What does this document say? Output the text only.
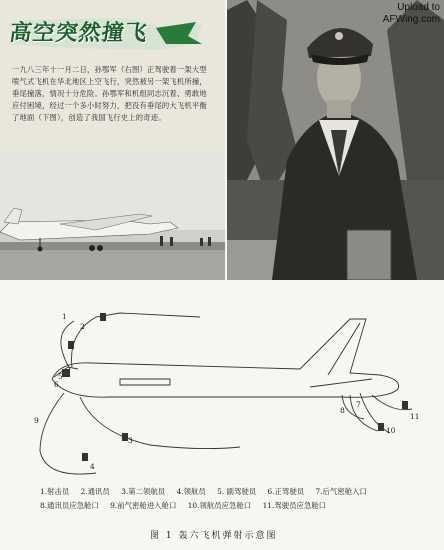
高空突然撞飞
一九八三年十一月二日，孙鄂军（右图）正驾驶着一架大型喷气式飞机在华北地区上空飞行，突然被另一架飞机所撞，垂尾撞落，情况十分危险。孙鄂军和机组同志沉着、勇敢地应付困境，经过一个多小时努力，把没有垂尾的大飞机平衡了地面（下图），创造了我国飞行史上的奇迹。
Upload to
AFWing.com
1
2
3
4
5
6
7
8
9
10
11
1.射击员 2.通讯员 3.第二领航员 4.领航员 5. 副驾驶员 6.正驾驶员 7.后气密舱入口
8.通讯员应急舱口 9.前气密舱进入舱口 10.领航员应急舱口 11.驾驶员应急舱口
图 1 轰六飞机弹射示意图
